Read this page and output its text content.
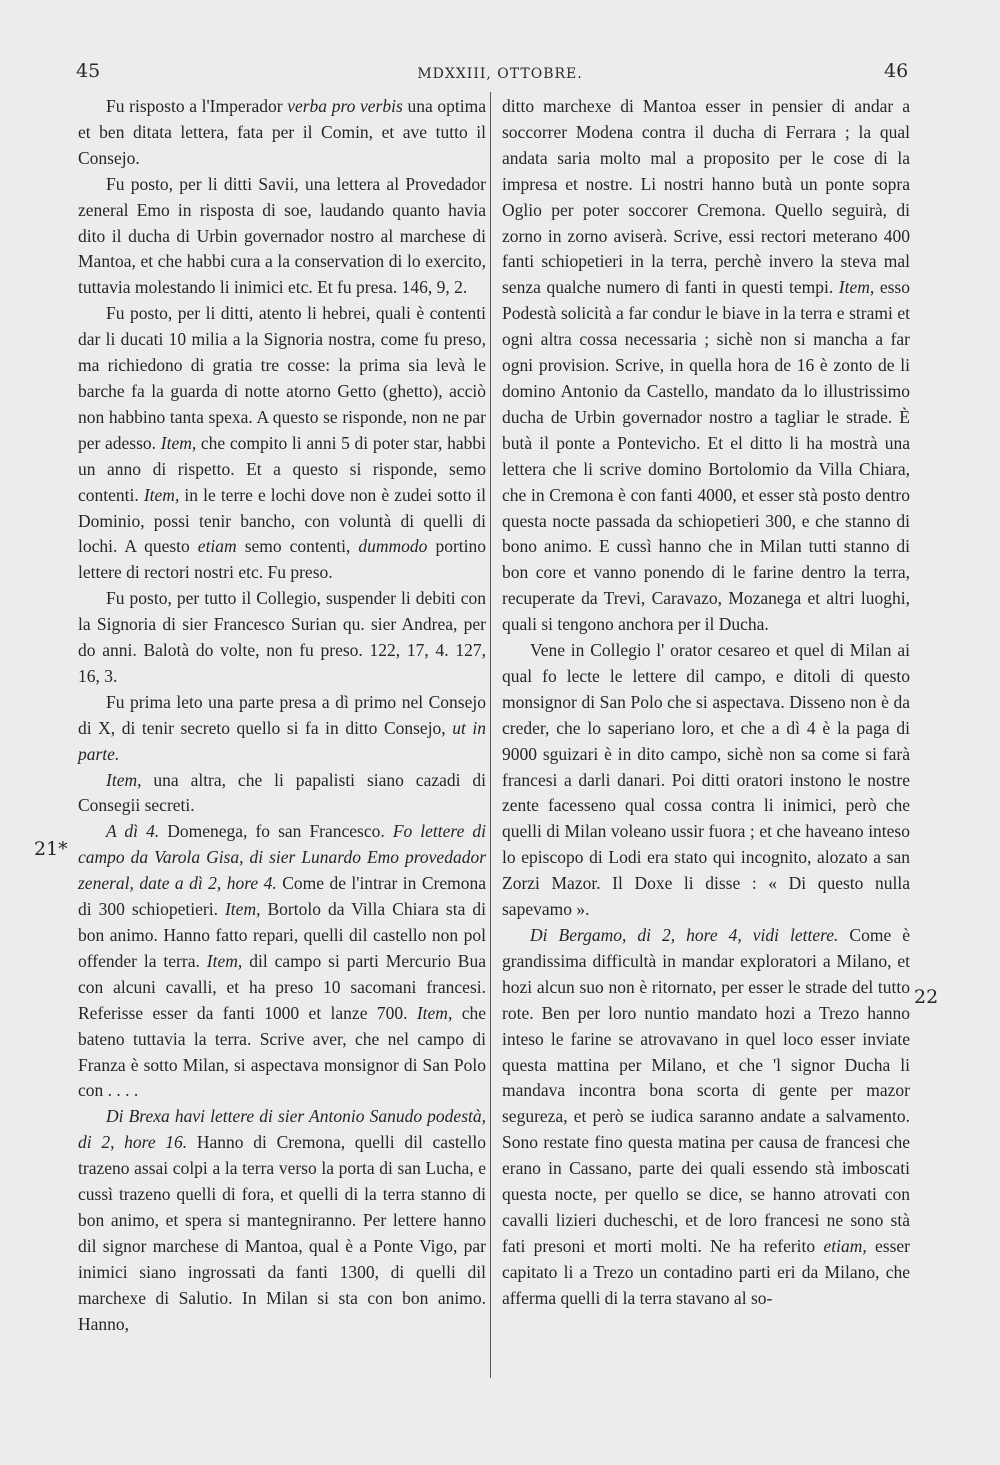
45	MDXXIII, OTTOBRE.	46
21*
22

Fu risposto a l'Imperador verba pro verbis una optima et ben ditata lettera, fata per il Comin, et ave tutto il Consejo.

Fu posto, per li ditti Savii, una lettera al Provedador zeneral Emo in risposta di soe, laudando quanto havia dito il ducha di Urbin governador nostro al marchese di Mantoa, et che habbi cura a la conservation di lo exercito, tuttavia molestando li inimici etc. Et fu presa. 146, 9, 2.

Fu posto, per li ditti, atento li hebrei, quali è contenti dar li ducati 10 milia a la Signoria nostra, come fu preso, ma richiedono di gratia tre cosse: la prima sia levà le barche fa la guarda di notte atorno Getto (ghetto), acciò non habbino tanta spexa. A questo se risponde, non ne par per adesso. Item, che compito li anni 5 di poter star, habbi un anno di rispetto. Et a questo si risponde, semo contenti. Item, in le terre e lochi dove non è zudei sotto il Dominio, possi tenir bancho, con voluntà di quelli di lochi. A questo etiam semo contenti, dummodo portino lettere di rectori nostri etc. Fu preso.

Fu posto, per tutto il Collegio, suspender li debiti con la Signoria di sier Francesco Surian qu. sier Andrea, per do anni. Balotà do volte, non fu preso. 122, 17, 4. 127, 16, 3.

Fu prima leto una parte presa a dì primo nel Consejo di X, di tenir secreto quello si fa in ditto Consejo, ut in parte.

Item, una altra, che li papalisti siano cazadi di Consegii secreti.

A dì 4. Domenega, fo san Francesco. Fo lettere di campo da Varola Gisa, di sier Lunardo Emo provedador zeneral, date a dì 2, hore 4. Come de l'intrar in Cremona di 300 schiopetieri. Item, Bortolo da Villa Chiara sta di bon animo. Hanno fatto repari, quelli dil castello non pol offender la terra. Item, dil campo si parti Mercurio Bua con alcuni cavalli, et ha preso 10 sacomani francesi. Referisse esser da fanti 1000 et lanze 700. Item, che bateno tuttavia la terra. Scrive aver, che nel campo di Franza è sotto Milan, si aspectava monsignor di San Polo con . . . .

Di Brexa havi lettere di sier Antonio Sanudo podestà, di 2, hore 16. Hanno di Cremona, quelli dil castello trazeno assai colpi a la terra verso la porta di san Lucha, e cussì trazeno quelli di fora, et quelli di la terra stanno di bon animo, et spera si mantegniranno. Per lettere hanno dil signor marchese di Mantoa, qual è a Ponte Vigo, par inimici siano ingrossati da fanti 1300, di quelli dil marchexe di Salutio. In Milan si sta con bon animo. Hanno,

ditto marchexe di Mantoa esser in pensier di andar a soccorrer Modena contra il ducha di Ferrara ; la qual andata saria molto mal a proposito per le cose di la impresa et nostre. Li nostri hanno butà un ponte sopra Oglio per poter soccorer Cremona. Quello seguirà, di zorno in zorno aviserà. Scrive, essi rectori meterano 400 fanti schiopetieri in la terra, perchè invero la steva mal senza qualche numero di fanti in questi tempi. Item, esso Podestà solicità a far condur le biave in la terra e strami et ogni altra cossa necessaria ; sichè non si mancha a far ogni provision. Scrive, in quella hora de 16 è zonto de li domino Antonio da Castello, mandato da lo illustrissimo ducha de Urbin governador nostro a tagliar le strade. È butà il ponte a Pontevicho. Et el ditto li ha mostrà una lettera che li scrive domino Bortolomio da Villa Chiara, che in Cremona è con fanti 4000, et esser stà posto dentro questa nocte passada da schiopetieri 300, e che stanno di bono animo. E cussì hanno che in Milan tutti stanno di bon core et vanno ponendo di le farine dentro la terra, recuperate da Trevi, Caravazo, Mozanega et altri luoghi, quali si tengono anchora per il Ducha.

Vene in Collegio l' orator cesareo et quel di Milan ai qual fo lecte le lettere dil campo, e ditoli di questo monsignor di San Polo che si aspectava. Disseno non è da creder, che lo saperiano loro, et che a dì 4 è la paga di 9000 sguizari è in dito campo, sichè non sa come si farà francesi a darli danari. Poi ditti oratori instono le nostre zente facesseno qual cossa contra li inimici, però che quelli di Milan voleano ussir fuora ; et che haveano inteso lo episcopo di Lodi era stato qui incognito, alozato a san Zorzi Mazor. Il Doxe li disse : « Di questo nulla sapevamo ».

Di Bergamo, di 2, hore 4, vidi lettere. Come è grandissima difficultà in mandar exploratori a Milano, et hozi alcun suo non è ritornato, per esser le strade del tutto rote. Ben per loro nuntio mandato hozi a Trezo hanno inteso le farine se atrovavano in quel loco esser inviate questa mattina per Milano, et che 'l signor Ducha li mandava incontra bona scorta di gente per mazor segureza, et però se iudica saranno andate a salvamento. Sono restate fino questa matina per causa de francesi che erano in Cassano, parte dei quali essendo stà imboscati questa nocte, per quello se dice, se hanno atrovati con cavalli lizieri ducheschi, et de loro francesi ne sono stà fati presoni et morti molti. Ne ha referito etiam, esser capitato li a Trezo un contadino parti eri da Milano, che afferma quelli di la terra stavano al so-
